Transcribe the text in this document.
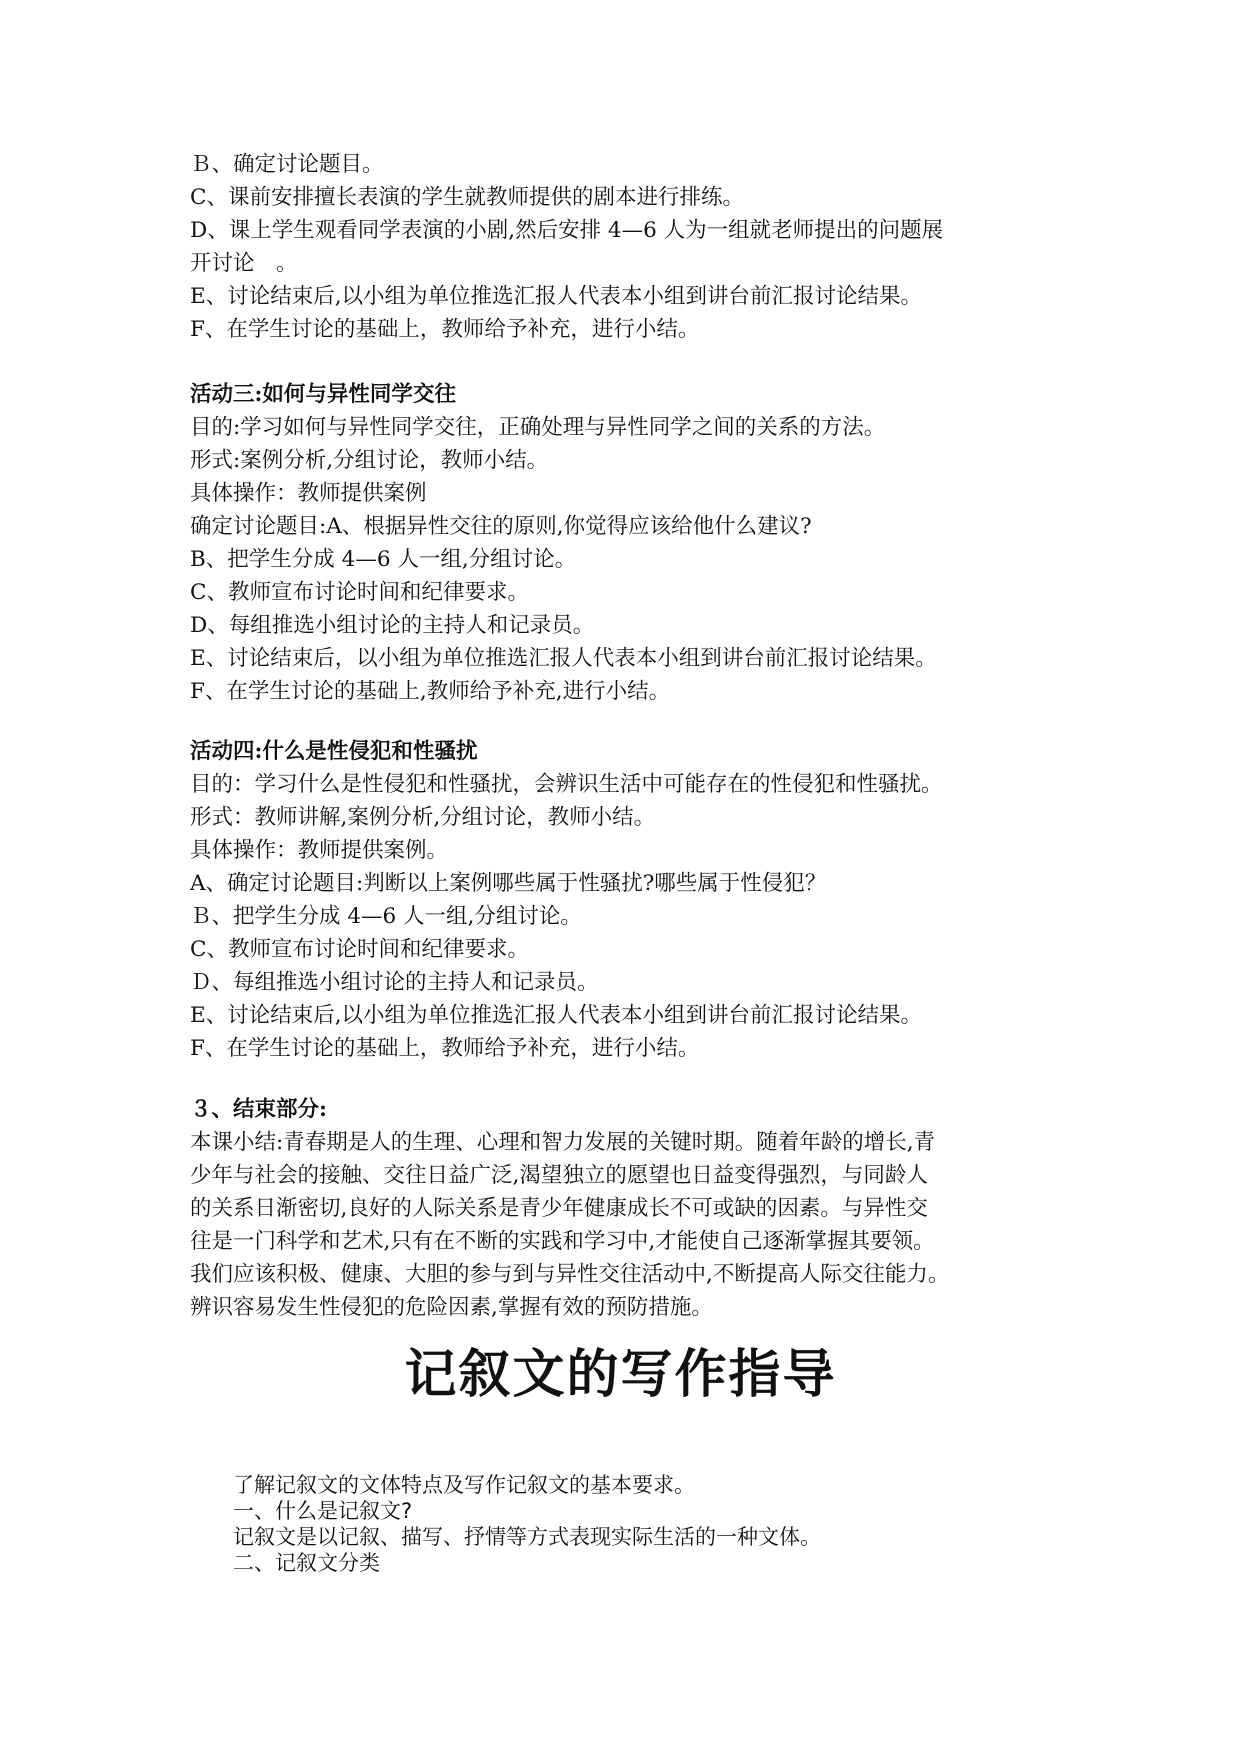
Ｂ、确定讨论题目。

C、课前安排擅长表演的学生就教师提供的剧本进行排练。

D、课上学生观看同学表演的小剧,然后安排 4—6 人为一组就老师提出的问题展

开讨论　。

E、讨论结束后,以小组为单位推选汇报人代表本小组到讲台前汇报讨论结果。

F、在学生讨论的基础上，教师给予补充，进行小结。

活动三:如何与异性同学交往

目的:学习如何与异性同学交往，正确处理与异性同学之间的关系的方法。

形式:案例分析,分组讨论，教师小结。

具体操作：教师提供案例

确定讨论题目:A、根据异性交往的原则,你觉得应该给他什么建议?

B、把学生分成 4—6 人一组,分组讨论。

C、教师宣布讨论时间和纪律要求。

D、每组推选小组讨论的主持人和记录员。

E、讨论结束后，以小组为单位推选汇报人代表本小组到讲台前汇报讨论结果。

F、在学生讨论的基础上,教师给予补充,进行小结。

活动四:什么是性侵犯和性骚扰

目的：学习什么是性侵犯和性骚扰，会辨识生活中可能存在的性侵犯和性骚扰。

形式：教师讲解,案例分析,分组讨论，教师小结。

具体操作：教师提供案例。

A、确定讨论题目:判断以上案例哪些属于性骚扰?哪些属于性侵犯？

Ｂ、把学生分成 4—6 人一组,分组讨论。

C、教师宣布讨论时间和纪律要求。

Ｄ、每组推选小组讨论的主持人和记录员。

E、讨论结束后,以小组为单位推选汇报人代表本小组到讲台前汇报讨论结果。

F、在学生讨论的基础上，教师给予补充，进行小结。

３、结束部分:

本课小结:青春期是人的生理、心理和智力发展的关键时期。随着年龄的增长,青

少年与社会的接触、交往日益广泛,渴望独立的愿望也日益变得强烈，与同龄人

的关系日渐密切,良好的人际关系是青少年健康成长不可或缺的因素。与异性交

往是一门科学和艺术,只有在不断的实践和学习中,才能使自己逐渐掌握其要领。

我们应该积极、健康、大胆的参与到与异性交往活动中,不断提高人际交往能力。

辨识容易发生性侵犯的危险因素,掌握有效的预防措施。

记叙文的写作指导

了解记叙文的文体特点及写作记叙文的基本要求。

一、什么是记叙文?

记叙文是以记叙、描写、抒情等方式表现实际生活的一种文体。

二、记叙文分类
